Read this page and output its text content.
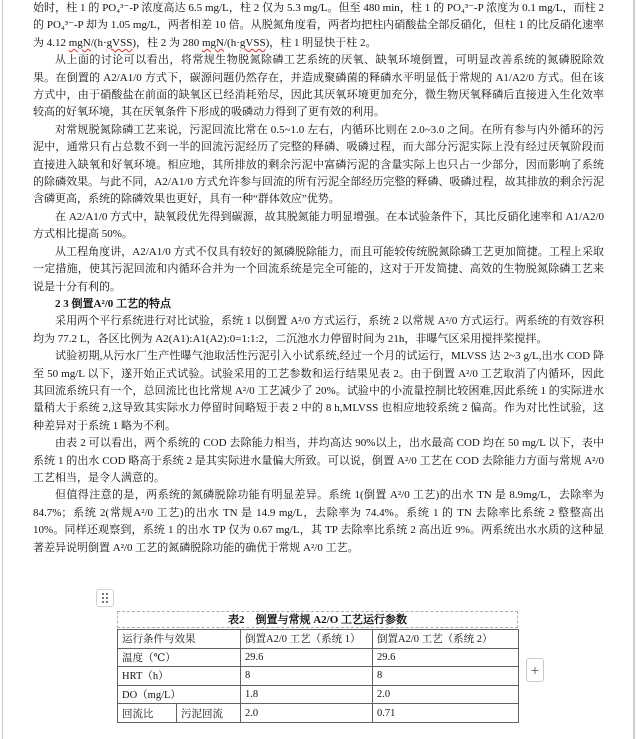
始时，柱 1 的 PO₄³⁻-P 浓度高达 6.5 mg/L，柱 2 仅为 5.3 mg/L。但至 480 min，柱 1 的 PO₄³⁻-P 浓度为 0.1 mg/L，而柱 2 的 PO₄³⁻-P 却为 1.05 mg/L，两者相差 10 倍。从脱氮角度看，两者均把柱内硝酸盐全部反硝化，但柱 1 的比反硝化速率为 4.12 mgN/(h·gVSS)，柱 2 为 280 mgN/(h·gVSS)，柱 1 明显快于柱 2。

从上面的讨论可以看出，将常规生物脱氮除磷工艺系统的厌氧、缺氧环境倒置，可明显改善系统的氮磷脱除效果。在倒置的 A2/A1/0 方式下，碳源问题仍然存在，并造成聚磷菌的释磷水平明显低于常规的 A1/A2/0 方式。但在该方式中，由于硝酸盐在前面的缺氧区已经消耗殆尽，因此其厌氧环境更加充分，微生物厌氧释磷后直接进入生化效率较高的好氧环境，其在厌氧条件下形成的吸磷动力得到了更有效的利用。

对常规脱氮除磷工艺来说，污泥回流比常在 0.5~1.0 左右，内循环比则在 2.0~3.0 之间。在所有参与内外循环的污泥中，通常只有占总数不到一半的回流污泥经历了完整的释磷、吸磷过程，而大部分污泥实际上没有经过厌氧阶段而直接进入缺氧和好氧环境。相应地，其所排放的剩余污泥中富磷污泥的含量实际上也只占一少部分，因而影响了系统的除磷效果。与此不同，A2/A1/0 方式允许参与回流的所有污泥全部经历完整的释磷、吸磷过程，故其排放的剩余污泥含磷更高，系统的除磷效果也更好，具有一种“群体效应”优势。

在 A2/A1/0 方式中，缺氧段优先得到碳源，故其脱氮能力明显增强。在本试验条件下，其比反硝化速率和 A1/A2/0 方式相比提高 50%。

从工程角度讲，A2/A1/0 方式不仅具有较好的氮磷脱除能力，而且可能较传统脱氮除磷工艺更加简捷。工程上采取一定措施，使其污泥回流和内循环合并为一个回流系统是完全可能的，这对于开发简捷、高效的生物脱氮除磷工艺来说是十分有利的。

2 3 倒置A²/0 工艺的特点

采用两个平行系统进行对比试验，系统 1 以倒置 A²/0 方式运行，系统 2 以常规 A²/0 方式运行。两系统的有效容积均为 77.2 L，各区比例为 A2(A1):A1(A2):0=1:1:2，二沉池水力停留时间为 21h，非曝气区采用搅拌桨搅拌。

试验初期,从污水厂生产性曝气池取活性污泥引入小试系统,经过一个月的试运行，MLVSS 达 2~3 g/L,出水 COD 降至 50 mg/L 以下，遂开始正式试验。试验采用的工艺参数和运行结果见表 2。由于倒置 A²/0 工艺取消了内循环，因此其回流系统只有一个，总回流比也比常规 A²/0 工艺减少了 20%。试验中的小流量控制比较困难,因此系统 1 的实际进水量稍大于系统 2,这导致其实际水力停留时间略短于表 2 中的 8 h,MLVSS 也相应地较系统 2 偏高。作为对比性试验，这种差异对于系统 1 略为不利。

由表 2 可以看出，两个系统的 COD 去除能力相当，并均高达 90%以上，出水最高 COD 均在 50 mg/L 以下，表中系统 1 的出水 COD 略高于系统 2 是其实际进水量偏大所致。可以说，倒置 A²/0 工艺在 COD 去除能力方面与常规 A²/0 工艺相当，是令人满意的。

但值得注意的是，两系统的氮磷脱除功能有明显差异。系统 1(倒置 A²/0 工艺)的出水 TN 是 8.9mg/L，去除率为 84.7%；系统 2(常规A²/0 工艺)的出水 TN 是 14.9 mg/L，去除率为 74.4%。系统 1 的 TN 去除率比系统 2 整整高出 10%。同样还观察到，系统 1 的出水 TP 仅为 0.67 mg/L，其 TP 去除率比系统 2 高出近 9%。两系统出水水质的这种显著差异说明倒置 A²/0 工艺的氮磷脱除功能的确优于常规 A²/0 工艺。

表2　倒置与常规 A2/O 工艺运行参数
运行条件与效果		倒置A2/0 工艺（系统 1）	倒置A2/0 工艺（系统 2）
温度（℃）		29.6	29.6
HRT（h）		8	8
DO（mg/L）		1.8	2.0
回流比	污泥回流	2.0	0.71
+
